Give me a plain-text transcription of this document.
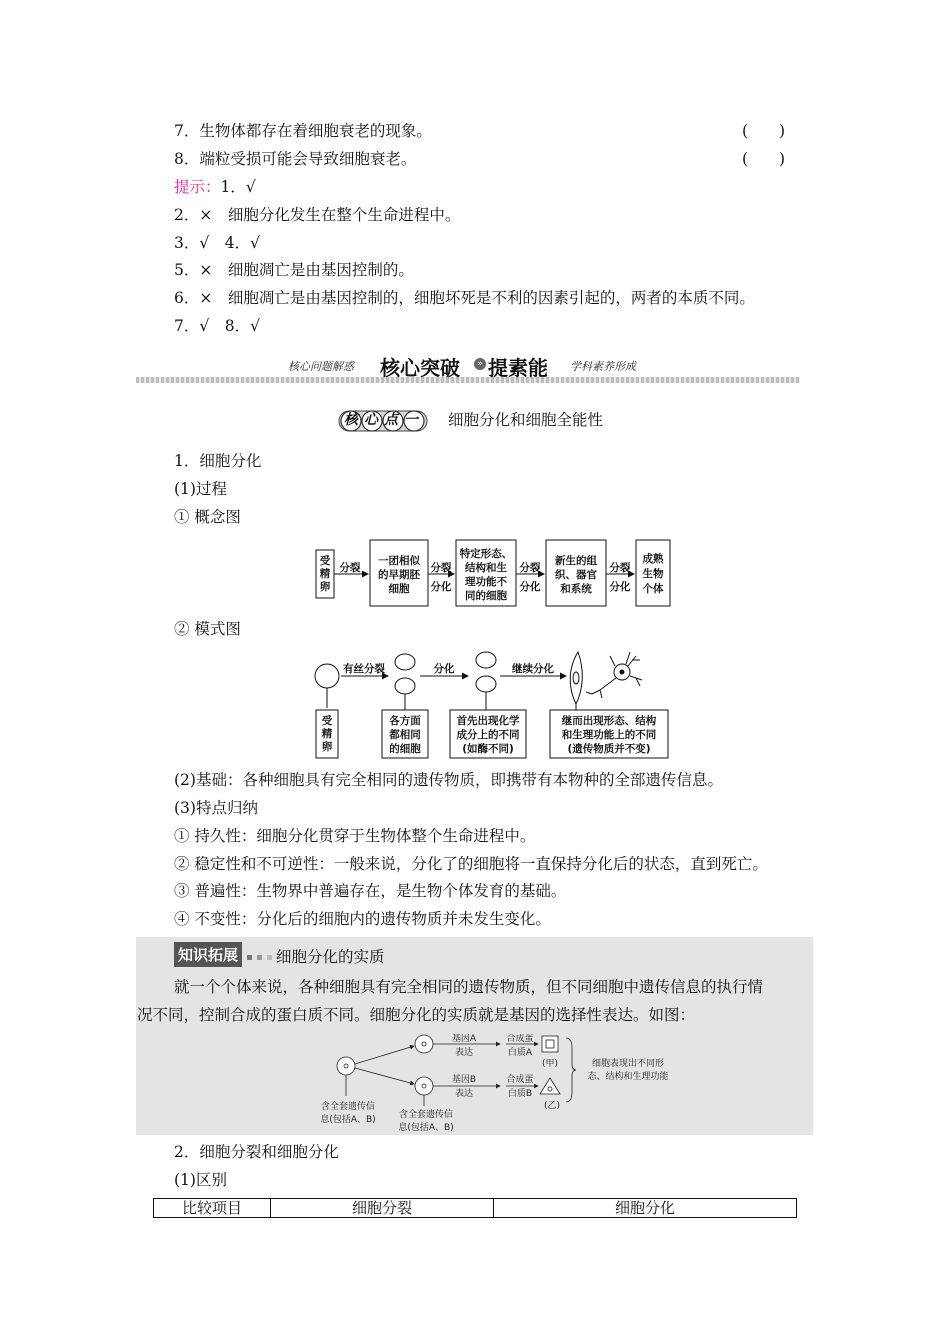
7．生物体都存在着细胞衰老的现象。	(　　)
8．端粒受损可能会导致细胞衰老。	(　　)
提示：1．√
2．×　细胞分化发生在整个生命进程中。
3．√　4．√
5．×　细胞凋亡是由基因控制的。
6．×　细胞凋亡是由基因控制的，细胞坏死是不利的因素引起的，两者的本质不同。
7．√　8．√
核心问题解惑 核心突破	» 提素能 学科素养形成
核心点一 细胞分化和细胞全能性
1．细胞分化
(1)过程
① 概念图
受
精
卵
分裂
一团相似
的早期胚
细胞
分裂
分化
特定形态、
结构和生
理功能不
同的细胞
分裂
分化
新生的组
织、器官
和系统
分裂
分化
成熟
生物
个体
② 模式图
有丝分裂	分化	继续分化
受
精
卵
各方面
都相同
的细胞
首先出现化学
成分上的不同
(如酶不同)
继而出现形态、结构
和生理功能上的不同
(遗传物质并不变)
(2)基础：各种细胞具有完全相同的遗传物质，即携带有本物种的全部遗传信息。
(3)特点归纳
① 持久性：细胞分化贯穿于生物体整个生命进程中。
② 稳定性和不可逆性：一般来说，分化了的细胞将一直保持分化后的状态，直到死亡。
③ 普遍性：生物界中普遍存在，是生物个体发育的基础。
④ 不变性：分化后的细胞内的遗传物质并未发生变化。
知识拓展	细胞分化的实质
就一个个体来说，各种细胞具有完全相同的遗传物质，但不同细胞中遗传信息的执行情
况不同，控制合成的蛋白质不同。细胞分化的实质就是基因的选择性表达。如图：
含全套遗传信
息(包括A、B)
基因A
表达
合成蛋
白质A
(甲)
基因B
表达
合成蛋
白质B
(乙)
含全套遗传信
息(包括A、B)
细胞表现出不同形
态、结构和生理功能
2．细胞分裂和细胞分化
(1)区别
比较项目	细胞分裂	细胞分化
